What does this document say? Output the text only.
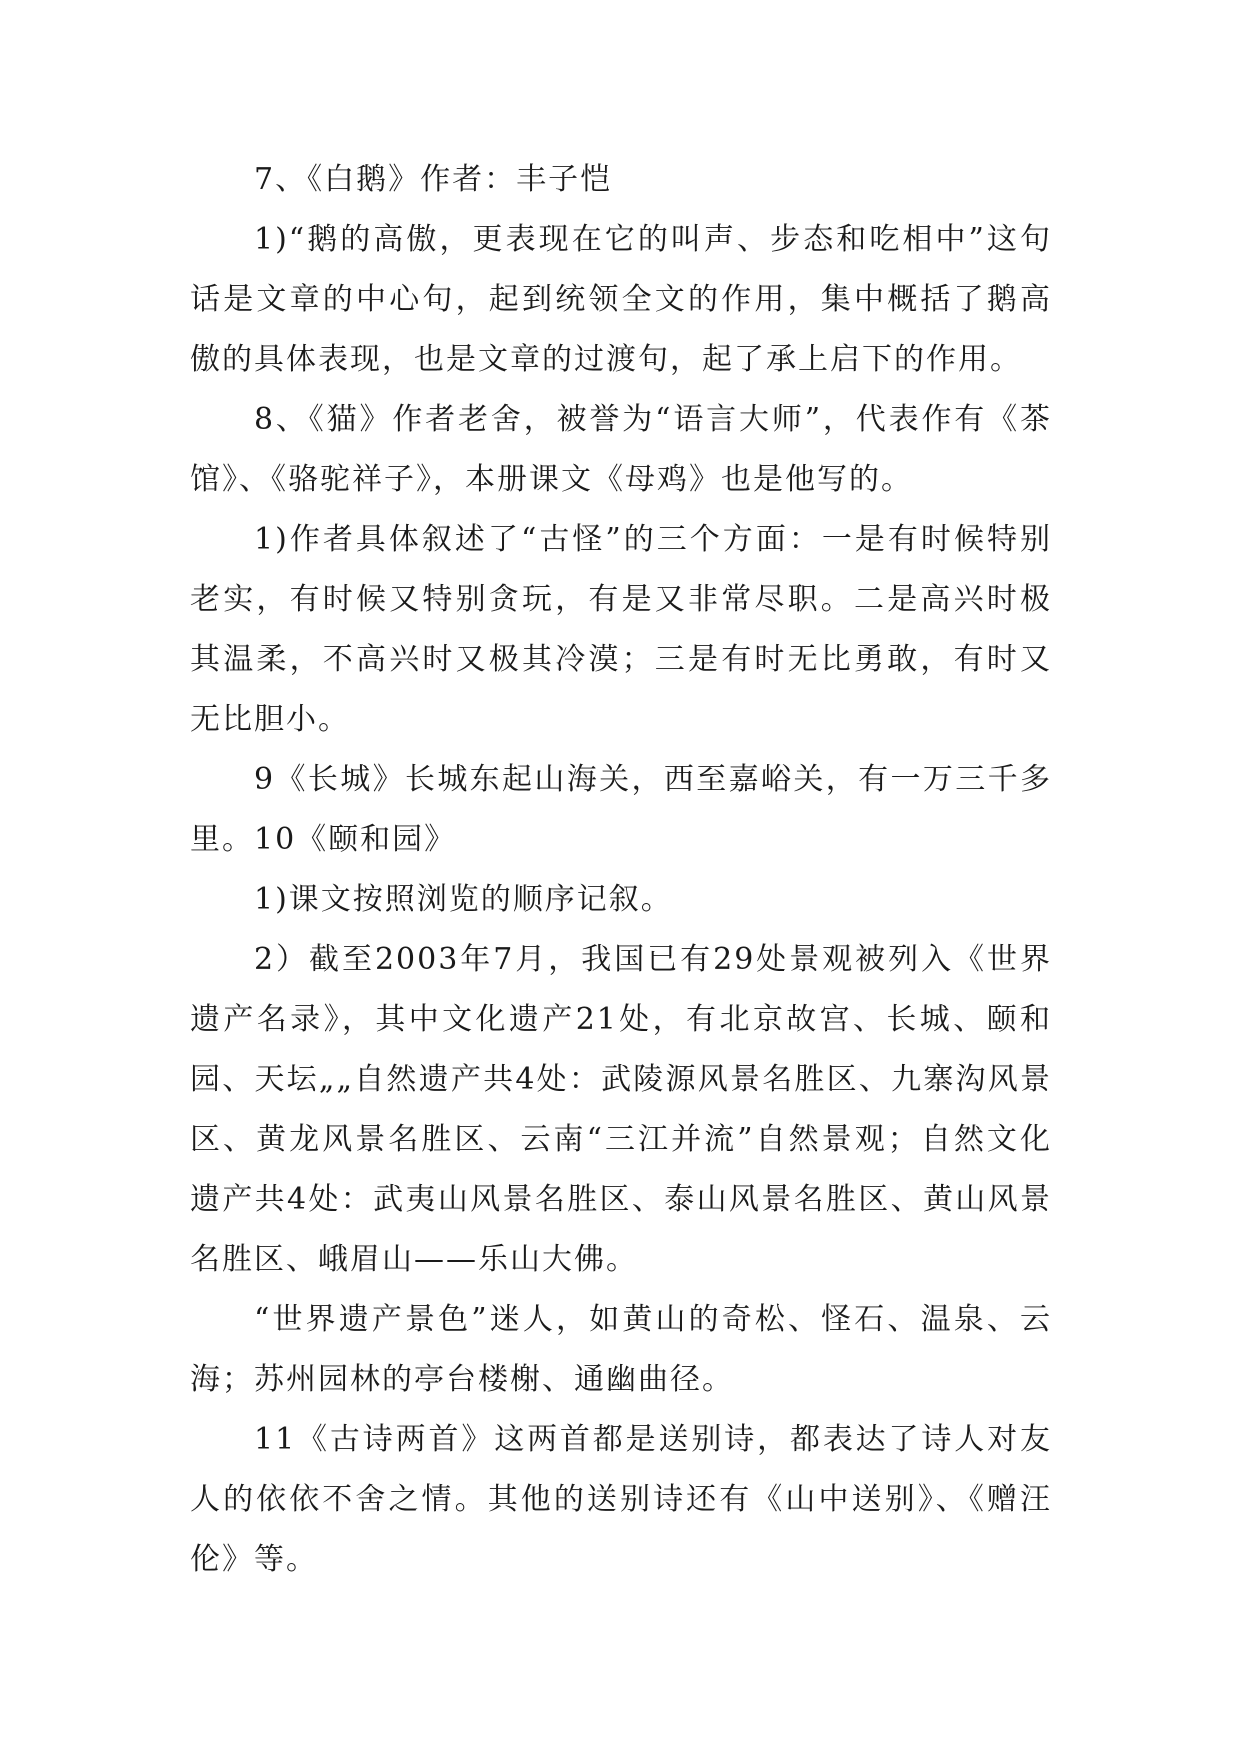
7、《白鹅》作者：丰子恺

1)“鹅的高傲，更表现在它的叫声、步态和吃相中”这句话是文章的中心句，起到统领全文的作用，集中概括了鹅高傲的具体表现，也是文章的过渡句，起了承上启下的作用。

8、《猫》作者老舍，被誉为“语言大师”，代表作有《茶馆》、《骆驼祥子》，本册课文《母鸡》也是他写的。

1)作者具体叙述了“古怪”的三个方面：一是有时候特别老实，有时候又特别贪玩，有是又非常尽职。二是高兴时极其温柔，不高兴时又极其冷漠；三是有时无比勇敢，有时又无比胆小。

9《长城》长城东起山海关，西至嘉峪关，有一万三千多里。10《颐和园》

1)课文按照浏览的顺序记叙。

2）截至2003年7月，我国已有29处景观被列入《世界遗产名录》，其中文化遗产21处，有北京故宫、长城、颐和园、天坛„„自然遗产共4处：武陵源风景名胜区、九寨沟风景区、黄龙风景名胜区、云南“三江并流”自然景观；自然文化遗产共4处：武夷山风景名胜区、泰山风景名胜区、黄山风景名胜区、峨眉山——乐山大佛。

“世界遗产景色”迷人，如黄山的奇松、怪石、温泉、云海；苏州园林的亭台楼榭、通幽曲径。

11《古诗两首》这两首都是送别诗，都表达了诗人对友人的依依不舍之情。其他的送别诗还有《山中送别》、《赠汪伦》等。
